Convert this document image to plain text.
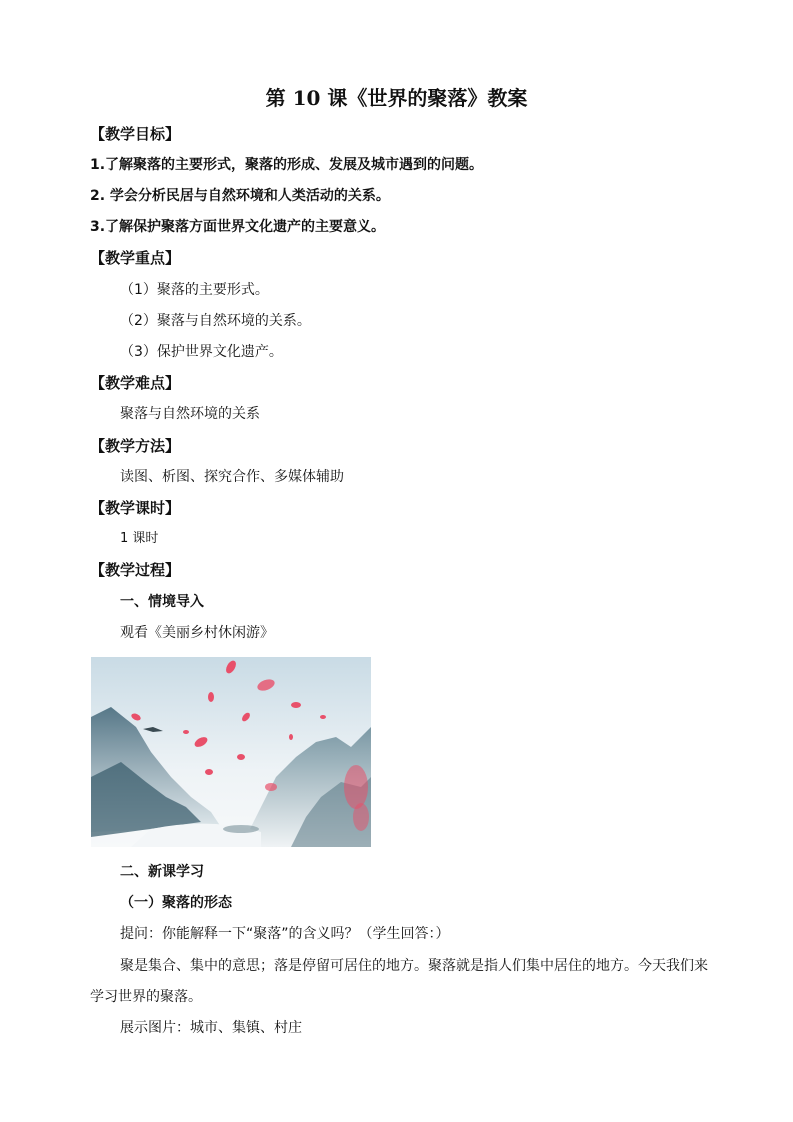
第 10 课《世界的聚落》教案
【教学目标】
1.了解聚落的主要形式，聚落的形成、发展及城市遇到的问题。
2. 学会分析民居与自然环境和人类活动的关系。
3.了解保护聚落方面世界文化遗产的主要意义。
【教学重点】
（1）聚落的主要形式。
（2）聚落与自然环境的关系。
（3）保护世界文化遗产。
【教学难点】
聚落与自然环境的关系
【教学方法】
读图、析图、探究合作、多媒体辅助
【教学课时】
1 课时
【教学过程】
一、情境导入
观看《美丽乡村休闲游》
二、新课学习
（一）聚落的形态
提问：你能解释一下“聚落”的含义吗？（学生回答：）
聚是集合、集中的意思；落是停留可居住的地方。聚落就是指人们集中居住的地方。今天我们来
学习世界的聚落。
展示图片：城市、集镇、村庄
